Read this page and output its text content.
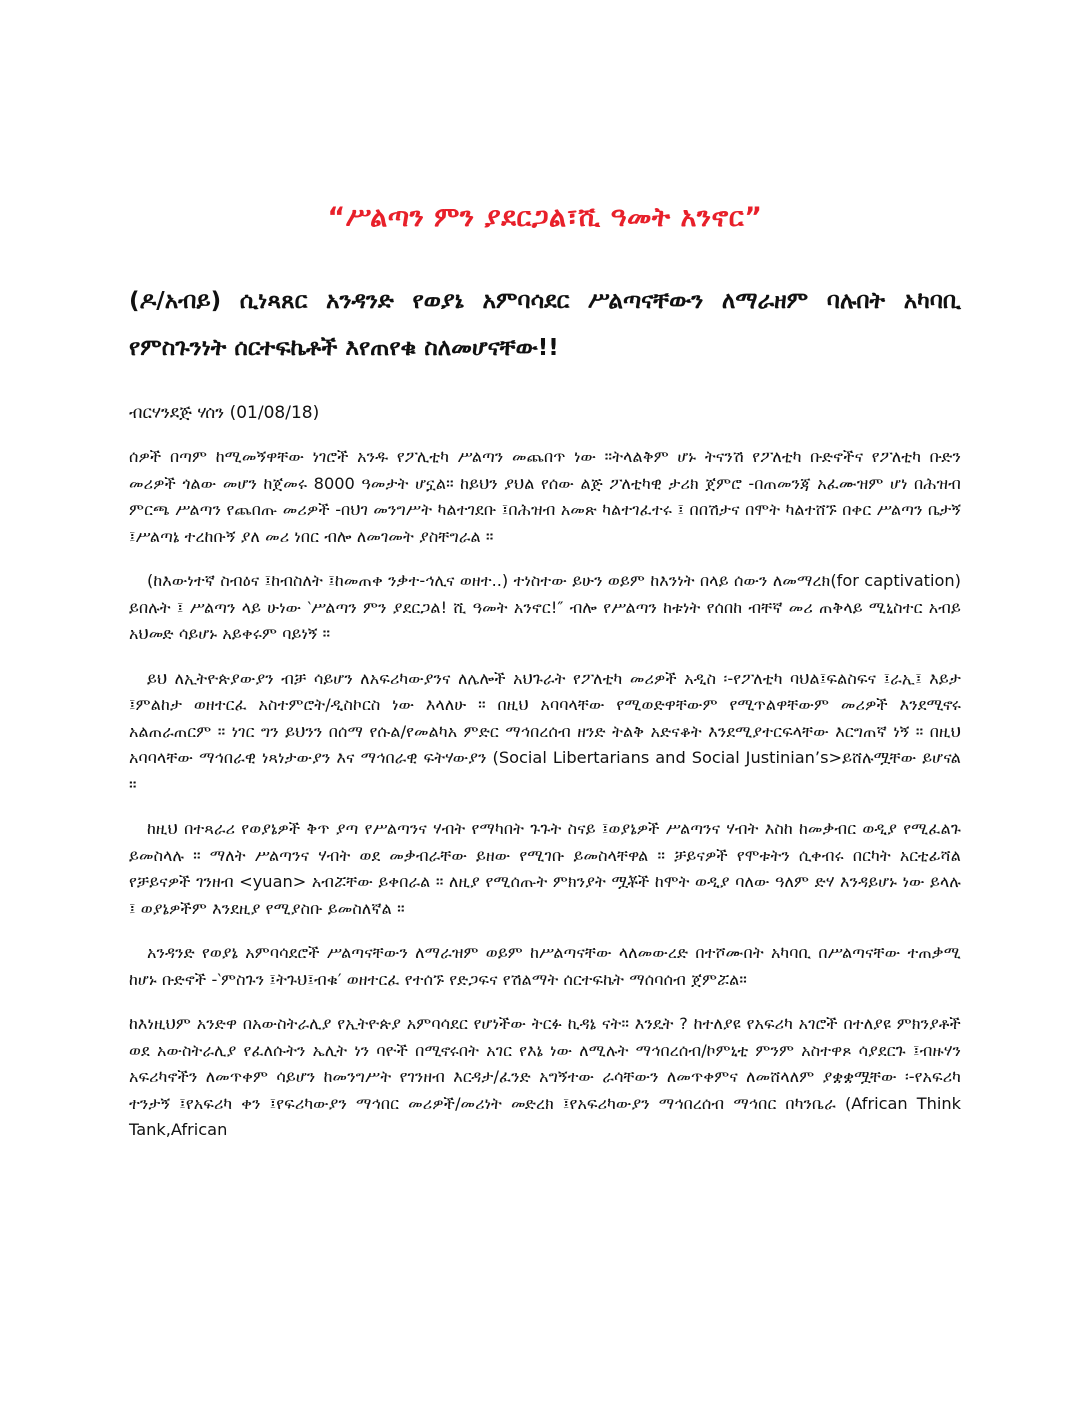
“ሥልጣን ምን ያደርጋል፣ሺ ዓመት አንኖር”
(ዶ/አብይ) ሲነጻጸር አንዳንድ የወያኔ አምባሳደር ሥልጣናቸውን ለማራዘም ባሉበት አካባቢ የምስጉንነት ሰርተፍኬቶች እየጠየቁ ስለመሆናቸው!!

ብርሃንደጅ ሃሰን (01/08/18)

ሰዎች በጣም ከሚመኝዋቸው ነገሮች አንዱ የፖሊቲካ ሥልጣን መጨበጥ ነው ።ትላልቅም ሆኑ ትናንሽ የፖለቲካ ቡድኖችና የፖለቲካ ቡድን መሪዎች ጎልው መሆን ከጀመሩ 8000 ዓመታት ሆኗል። ከይህን ያህል የሰው ልጅ ፖለቲካዊ ታሪክ ጀምሮ -በጠመንጃ አፈሙዝም ሆነ በሕዝብ ምርጫ ሥልጣን የጨበጡ መሪዎች -በህገ መንግሥት ካልተገደቡ ፤በሕዝብ አመጽ ካልተገፈተሩ ፤ በበሽታና በሞት ካልተሸኙ በቀር ሥልጣን ቤታኝ ፤ሥልጣኔ ተረከቡኝ ያለ መሪ ነበር ብሎ ለመገመት ያስቸግራል ።

(ከእውነተኛ ስብዕና ፤ከብስለት ፤ከመጠቀ ንቃተ-ኅሊና ወዘተ..) ተነስተው ይሁን ወይም ከእንነት በላይ ሰውን ለመማረክ(for captivation) ይበሉት ፤ ሥልጣን ላይ ሁነው ‵ሥልጣን ምን ያደርጋል! ሺ ዓመት አንኖር!″ ብሎ የሥልጣን ከቱነት የሰበከ ብቸኛ መሪ ጠቅላይ ሚኒስተር አብይ አህመድ ሳይሆኑ አይቀሩም ባይነኝ ።

ይህ ለኢትዮጵያውያን ብቻ ሳይሆን ለአፍሪካውያንና ለሌሎች አህጉራት የፖለቲካ መሪዎች አዲስ ፡-የፖለቲካ ባህል፤ፍልስፍና ፤ራኢ፤ እይታ ፤ምልከታ ወዘተርፈ አስተምሮት/ዲስኮርስ ነው እላለሁ ። በዚህ አባባላቸው የሚወድዋቸውም የሚጥልዋቸውም መሪዎች እንደሚኖሩ አልጠራጠርም ። ነገር ግን ይህንን በሰማ የሱል/የመልካአ ምድር ማኅበረሰብ ዘንድ ትልቅ አድናቆት እንደሚያተርፍላቸው እርግጠኛ ነኝ ። በዚህ አባባላቸው ማኅበራዊ ነጻነታውያን እና ማኅበራዊ ፍትሃውያን (Social Libertarians and Social Justinian’s>ይሸሉሟቸው ይሆናል ።

ከዚህ በተጻራሪ የወያኔዎች ቅጥ ያጣ የሥልጣንና ሃብት የማካበት ጉጉት ስናይ ፤ወያኔዎች ሥልጣንና ሃብት እስከ ከመቃብር ወዲያ የሚፈልጉ ይመስላሉ ። ማለት ሥልጣንና ሃብት ወደ መቃብራቸው ይዘው የሚገቡ ይመስላቸዋል ። ቻይናዎች የሞቱትን ሲቀብሩ በርካት አርቲፊሻል የቻይናዎች ገንዘብ <yuan> አብሯቸው ይቀበራል ። ለዚያ የሚሰጡት ምክንያት ሟቾች ከሞት ወዲያ ባለው ዓለም ድሃ እንዳይሆኑ ነው ይላሉ ፤ ወያኔዎችም እንደዚያ የሚያስቡ ይመስለኛል ።

አንዳንድ የወያኔ አምባሳደሮች ሥልጣናቸውን ለማራዝም ወይም ከሥልጣናቸው ላለመውረድ በተሾሙበት አካባቢ በሥልጣናቸው ተጠቃሚ ከሆኑ ቡድኖች -‵ምስጉን ፤ትጉህ፤ብቁ′ ወዘተርፈ የተሰኙ የድጋፍና የሽልማት ሰርተፍኬት ማሰባሰብ ጀምሯል።

ከእነዚህም አንድዋ በአውስትራሊያ የኢትዮጵያ አምባሳደር የሆነችው ትርፉ ኪዳኔ ናት። እንዴት ? ከተለያዩ የአፍሪካ አገሮች በተለያዩ ምክንያቶች ወደ አውስትራሊያ የፈለሱትን ኤሊት ነን ባዮች በሚኖሩበት አገር የእኔ ነው ለሚሉት ማኅበረሰብ/ኮምኒቲ ምንም አስተዋጾ ሳያደርጉ ፤ብዙሃን አፍሪካኖችን ለመጥቀም ሳይሆን ከመንግሥት የገንዘብ እርዳታ/ፈንድ አግኝተው ራሳቸውን ለመጥቀምና ለመሸላለም ያቋቋሟቸው ፡-የአፍሪካ ተንታኝ ፤የአፍሪካ ቀን ፤የፍሪካውያን ማኅበር መሪዎች/መሪነት መድረክ ፤የአፍሪካውያን ማኅበረሰብ ማኅበር በካንቤራ (African Think Tank,African
